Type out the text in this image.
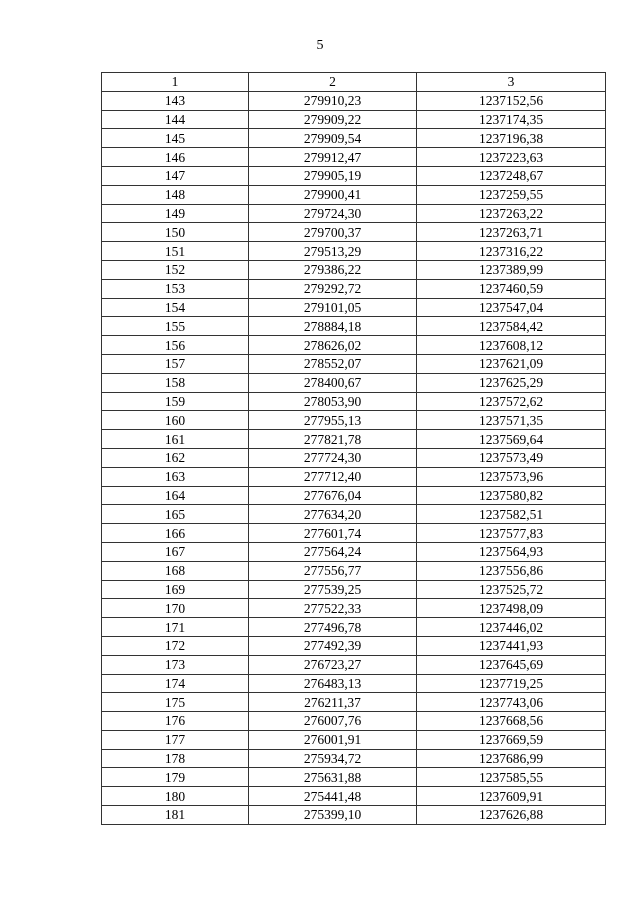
5
1	2	3
143	279910,23	1237152,56
144	279909,22	1237174,35
145	279909,54	1237196,38
146	279912,47	1237223,63
147	279905,19	1237248,67
148	279900,41	1237259,55
149	279724,30	1237263,22
150	279700,37	1237263,71
151	279513,29	1237316,22
152	279386,22	1237389,99
153	279292,72	1237460,59
154	279101,05	1237547,04
155	278884,18	1237584,42
156	278626,02	1237608,12
157	278552,07	1237621,09
158	278400,67	1237625,29
159	278053,90	1237572,62
160	277955,13	1237571,35
161	277821,78	1237569,64
162	277724,30	1237573,49
163	277712,40	1237573,96
164	277676,04	1237580,82
165	277634,20	1237582,51
166	277601,74	1237577,83
167	277564,24	1237564,93
168	277556,77	1237556,86
169	277539,25	1237525,72
170	277522,33	1237498,09
171	277496,78	1237446,02
172	277492,39	1237441,93
173	276723,27	1237645,69
174	276483,13	1237719,25
175	276211,37	1237743,06
176	276007,76	1237668,56
177	276001,91	1237669,59
178	275934,72	1237686,99
179	275631,88	1237585,55
180	275441,48	1237609,91
181	275399,10	1237626,88
